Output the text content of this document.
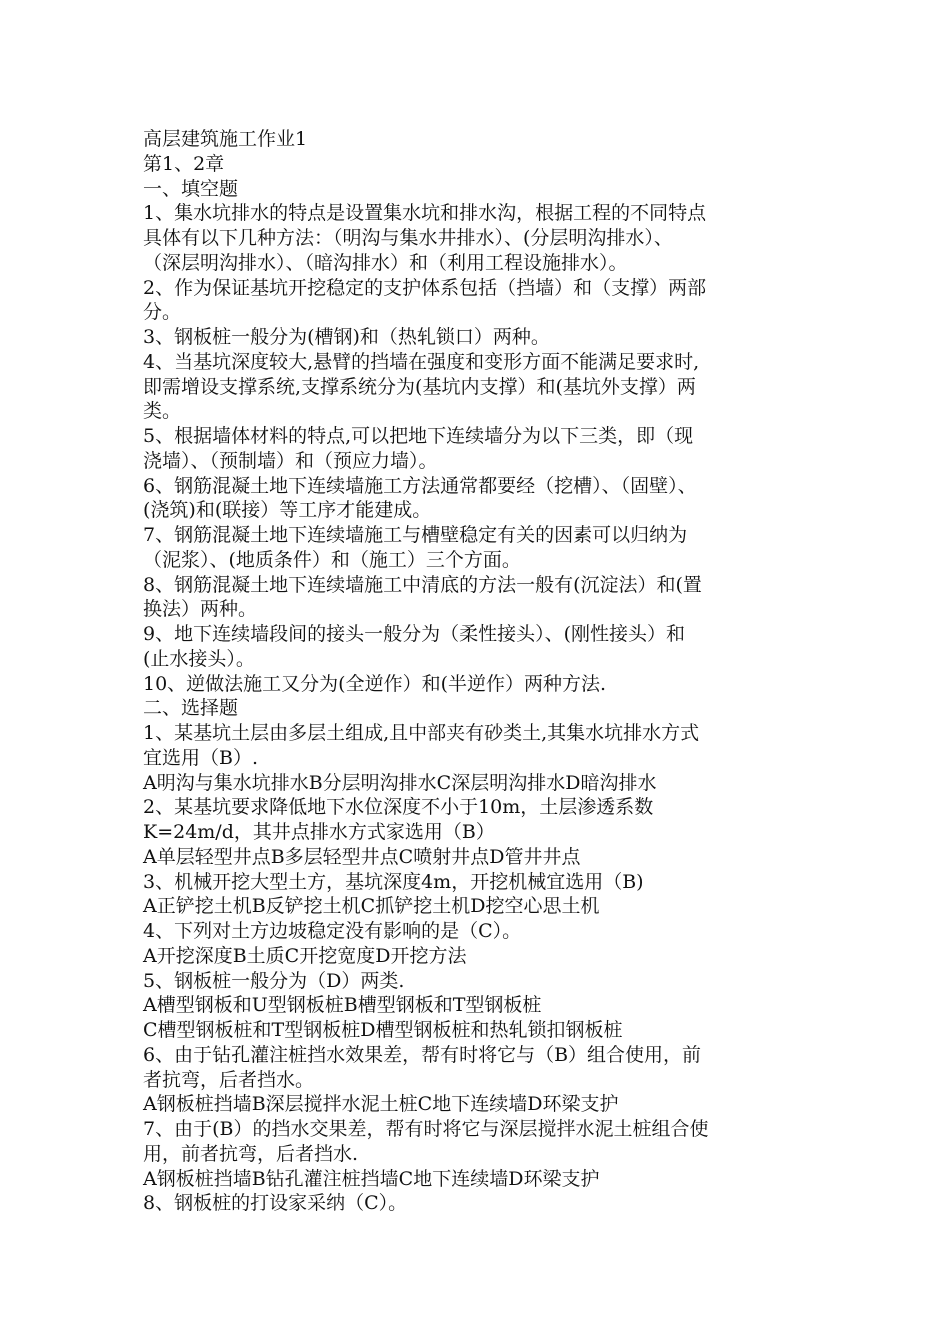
高层建筑施工作业1
第1、2章
一、填空题
1、集水坑排水的特点是设置集水坑和排水沟，根据工程的不同特点
具体有以下几种方法：（明沟与集水井排水）、(分层明沟排水）、
（深层明沟排水）、（暗沟排水）和（利用工程设施排水）。
2、作为保证基坑开挖稳定的支护体系包括（挡墙）和（支撑）两部
分。
3、钢板桩一般分为(槽钢)和（热轧锁口）两种。
4、当基坑深度较大,悬臂的挡墙在强度和变形方面不能满足要求时,
即需增设支撑系统,支撑系统分为(基坑内支撑）和(基坑外支撑）两
类。
5、根据墙体材料的特点,可以把地下连续墙分为以下三类，即（现
浇墙）、（预制墙）和（预应力墙）。
6、钢筋混凝土地下连续墙施工方法通常都要经（挖槽）、（固壁）、
(浇筑)和(联接）等工序才能建成。
7、钢筋混凝土地下连续墙施工与槽壁稳定有关的因素可以归纳为
（泥浆）、(地质条件）和（施工）三个方面。
8、钢筋混凝土地下连续墙施工中清底的方法一般有(沉淀法）和(置
换法）两种。
9、地下连续墙段间的接头一般分为（柔性接头）、(刚性接头）和
(止水接头）。
10、逆做法施工又分为(全逆作）和(半逆作）两种方法.
二、选择题
1、某基坑土层由多层土组成,且中部夹有砂类土,其集水坑排水方式
宜选用（B）.
A明沟与集水坑排水B分层明沟排水C深层明沟排水D暗沟排水
2、某基坑要求降低地下水位深度不小于10m，土层渗透系数
K=24m/d，其井点排水方式家选用（B）
A单层轻型井点B多层轻型井点C喷射井点D管井井点
3、机械开挖大型土方，基坑深度4m，开挖机械宜选用（B)
A正铲挖土机B反铲挖土机C抓铲挖土机D挖空心思土机
4、下列对土方边坡稳定没有影响的是（C）。
A开挖深度B土质C开挖宽度D开挖方法
5、钢板桩一般分为（D）两类.
A槽型钢板和U型钢板桩B槽型钢板和T型钢板桩
C槽型钢板桩和T型钢板桩D槽型钢板桩和热轧锁扣钢板桩
6、由于钻孔灌注桩挡水效果差，帮有时将它与（B）组合使用，前
者抗弯，后者挡水。
A钢板桩挡墙B深层搅拌水泥土桩C地下连续墙D环梁支护
7、由于(B）的挡水交果差，帮有时将它与深层搅拌水泥土桩组合使
用，前者抗弯，后者挡水.
A钢板桩挡墙B钻孔灌注桩挡墙C地下连续墙D环梁支护
8、钢板桩的打设家采纳（C）。
